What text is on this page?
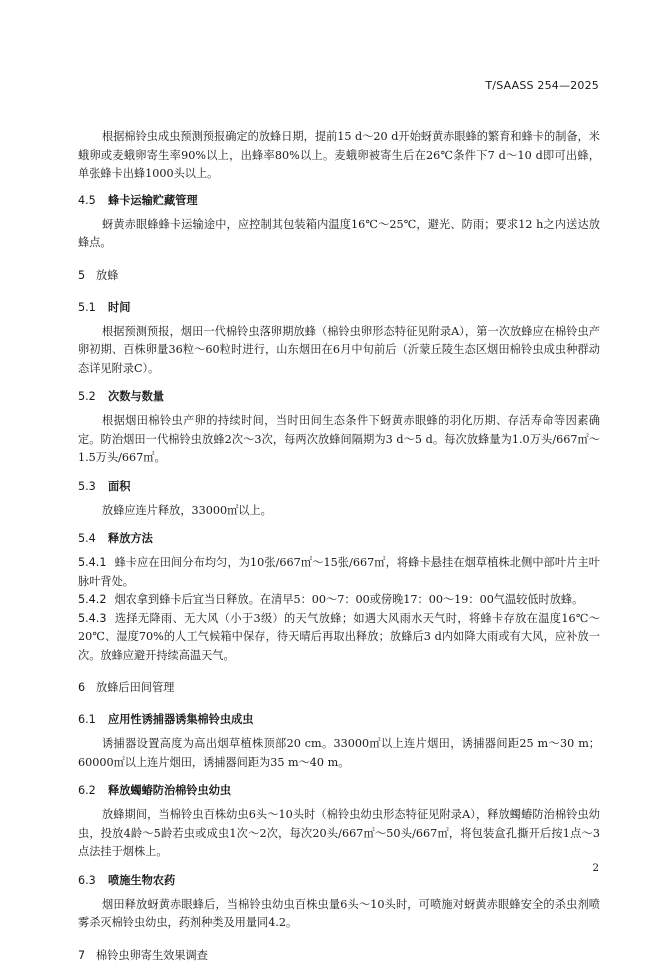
T/SAASS 254—2025

根据棉铃虫成虫预测预报确定的放蜂日期，提前15 d～20 d开始蚜黄赤眼蜂的繁育和蜂卡的制备，米蛾卵或麦蛾卵寄生率90%以上，出蜂率80%以上。麦蛾卵被寄生后在26℃条件下7 d～10 d即可出蜂，单张蜂卡出蜂1000头以上。

4.5	蜂卡运输贮藏管理

蚜黄赤眼蜂蜂卡运输途中，应控制其包装箱内温度16℃～25℃，避光、防雨；要求12 h之内送达放蜂点。

5 放蜂
5.1	时间

根据预测预报，烟田一代棉铃虫落卵期放蜂（棉铃虫卵形态特征见附录A），第一次放蜂应在棉铃虫产卵初期、百株卵量36粒～60粒时进行，山东烟田在6月中旬前后（沂蒙丘陵生态区烟田棉铃虫成虫种群动态详见附录C）。

5.2	次数与数量

根据烟田棉铃虫产卵的持续时间，当时田间生态条件下蚜黄赤眼蜂的羽化历期、存活寿命等因素确定。防治烟田一代棉铃虫放蜂2次～3次，每两次放蜂间隔期为3 d～5 d。每次放蜂量为1.0万头/667㎡～1.5万头/667㎡。

5.3	面积

放蜂应连片释放，33000㎡以上。

5.4	释放方法

5.4.1 蜂卡应在田间分布均匀，为10张/667㎡～15张/667㎡，将蜂卡悬挂在烟草植株北侧中部叶片主叶脉叶背处。

5.4.2 烟农拿到蜂卡后宜当日释放。在清早5：00～7：00或傍晚17：00～19：00气温较低时放蜂。

5.4.3 选择无降雨、无大风（小于3级）的天气放蜂；如遇大风雨水天气时，将蜂卡存放在温度16℃～20℃、湿度70%的人工气候箱中保存，待天晴后再取出释放；放蜂后3 d内如降大雨或有大风，应补放一次。放蜂应避开持续高温天气。

6 放蜂后田间管理
6.1	应用性诱捕器诱集棉铃虫成虫

诱捕器设置高度为高出烟草植株顶部20 cm。33000㎡以上连片烟田，诱捕器间距25 m～30 m；60000㎡以上连片烟田，诱捕器间距为35 m～40 m。

6.2	释放蠋蝽防治棉铃虫幼虫

放蜂期间，当棉铃虫百株幼虫6头～10头时（棉铃虫幼虫形态特征见附录A），释放蠋蝽防治棉铃虫幼虫，投放4龄～5龄若虫或成虫1次～2次，每次20头/667㎡～50头/667㎡，将包装盒孔撕开后按1点～3点法挂于烟株上。

6.3	喷施生物农药

烟田释放蚜黄赤眼蜂后，当棉铃虫幼虫百株虫量6头～10头时，可喷施对蚜黄赤眼蜂安全的杀虫剂喷雾杀灭棉铃虫幼虫，药剂种类及用量同4.2。

7 棉铃虫卵寄生效果调查
2
